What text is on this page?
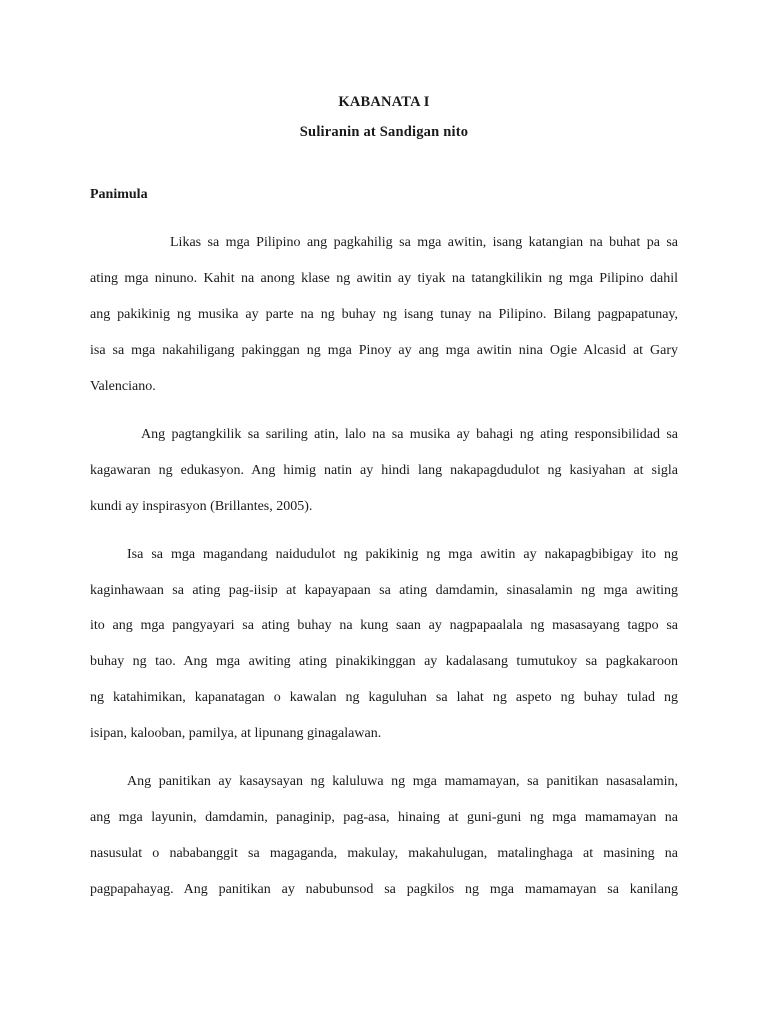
KABANATA I
Suliranin at Sandigan nito
Panimula
Likas sa mga Pilipino ang pagkahilig sa mga awitin, isang katangian na buhat pa sa
ating mga ninuno. Kahit na anong klase ng awitin ay tiyak na tatangkilikin ng mga Pilipino dahil
ang pakikinig ng musika ay parte na ng buhay ng isang tunay na Pilipino. Bilang pagpapatunay,
isa sa mga nakahiligang pakinggan ng mga Pinoy ay ang mga awitin nina Ogie Alcasid at Gary
Valenciano.
Ang pagtangkilik sa sariling atin, lalo na sa musika ay bahagi ng ating responsibilidad sa
kagawaran ng edukasyon. Ang himig natin ay hindi lang nakapagdudulot ng kasiyahan at sigla
kundi ay inspirasyon (Brillantes, 2005).
Isa sa mga magandang naidudulot ng pakikinig ng mga awitin ay nakapagbibigay ito ng
kaginhawaan sa ating pag-iisip at kapayapaan sa ating damdamin, sinasalamin ng mga awiting
ito ang mga pangyayari sa ating buhay na kung saan ay nagpapaalala ng masasayang tagpo sa
buhay ng tao. Ang mga awiting ating pinakikinggan ay kadalasang tumutukoy sa pagkakaroon
ng katahimikan, kapanatagan o kawalan ng kaguluhan sa lahat ng aspeto ng buhay tulad ng
isipan, kalooban, pamilya, at lipunang ginagalawan.
Ang panitikan ay kasaysayan ng kaluluwa ng mga mamamayan, sa panitikan nasasalamin,
ang mga layunin, damdamin, panaginip, pag-asa, hinaing at guni-guni ng mga mamamayan na
nasusulat o nababanggit sa magaganda, makulay, makahulugan, matalinghaga at masining na
pagpapahayag. Ang panitikan ay nabubunsod sa pagkilos ng mga mamamayan sa kanilang
